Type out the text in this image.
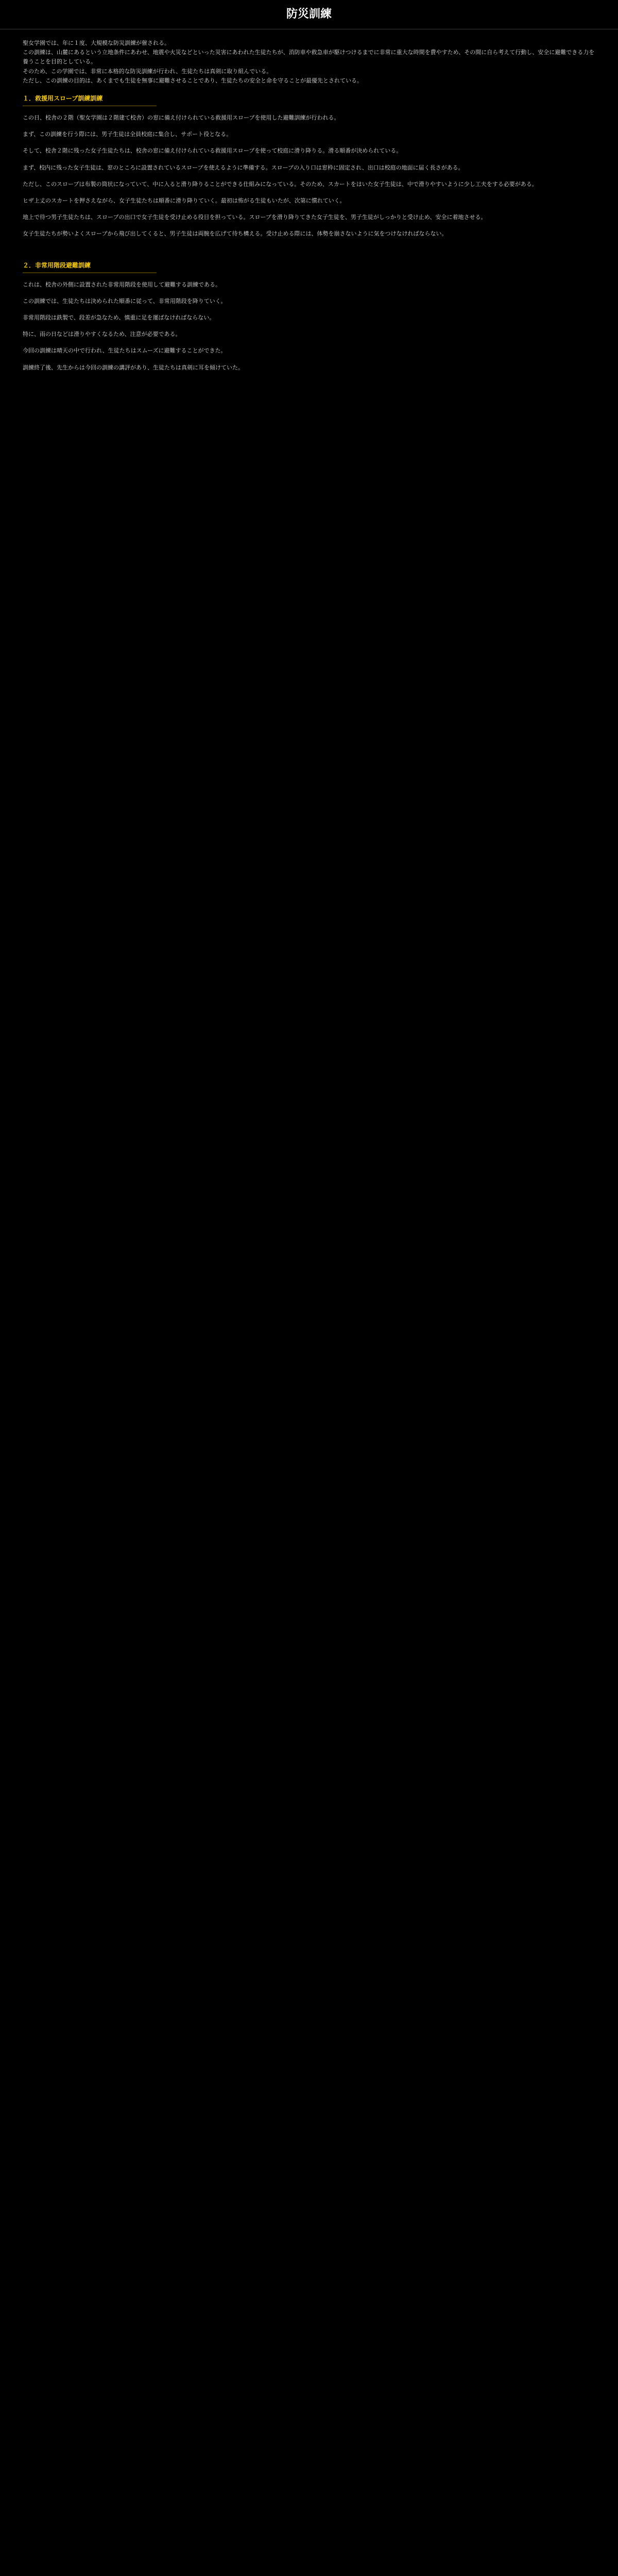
防災訓練

聖女学園では、年に１度、大規模な防災訓練が催される。

この訓練は、山麓にあるという立地条件にあわせ、地震や火災などといった災害にあわれた生徒たちが、消防車や救急車が駆けつけるまでに非常に重大な時間を費やすため、その間に自ら考えて行動し、安全に避難できる力を養うことを目的としている。

そのため、この学園では、非常に本格的な防災訓練が行われ、生徒たちは真剣に取り組んでいる。

ただし、この訓練の目的は、あくまでも生徒を無事に避難させることであり、生徒たちの安全と命を守ることが最優先とされている。

１．救援用スロープ訓練訓練

この日、校舎の２階（聖女学園は２階建て校舎）の窓に備え付けられている救援用スロープを使用した避難訓練が行われる。

まず、この訓練を行う際には、男子生徒は全員校庭に集合し、サポート役となる。

そして、校舎２階に残った女子生徒たちは、校舎の窓に備え付けられている救援用スロープを使って校庭に滑り降りる。滑る順番が決められている。

まず、校内に残った女子生徒は、窓のところに設置されているスロープを使えるように準備する。スロープの入り口は窓枠に固定され、出口は校庭の地面に届く長さがある。

ただし、このスロープは布製の筒状になっていて、中に入ると滑り降りることができる仕組みになっている。そのため、スカートをはいた女子生徒は、中で滑りやすいように少し工夫をする必要がある。

ヒザ上丈のスカートを押さえながら、女子生徒たちは順番に滑り降りていく。最初は怖がる生徒もいたが、次第に慣れていく。

地上で待つ男子生徒たちは、スロープの出口で女子生徒を受け止める役目を担っている。スロープを滑り降りてきた女子生徒を、男子生徒がしっかりと受け止め、安全に着地させる。

女子生徒たちが勢いよくスロープから飛び出してくると、男子生徒は両腕を広げて待ち構える。受け止める際には、体勢を崩さないように気をつけなければならない。

２．非常用階段避難訓練

これは、校舎の外側に設置された非常用階段を使用して避難する訓練である。

この訓練では、生徒たちは決められた順番に従って、非常用階段を降りていく。

非常用階段は鉄製で、段差が急なため、慎重に足を運ばなければならない。

特に、雨の日などは滑りやすくなるため、注意が必要である。

今回の訓練は晴天の中で行われ、生徒たちはスムーズに避難することができた。

訓練終了後、先生からは今回の訓練の講評があり、生徒たちは真剣に耳を傾けていた。
